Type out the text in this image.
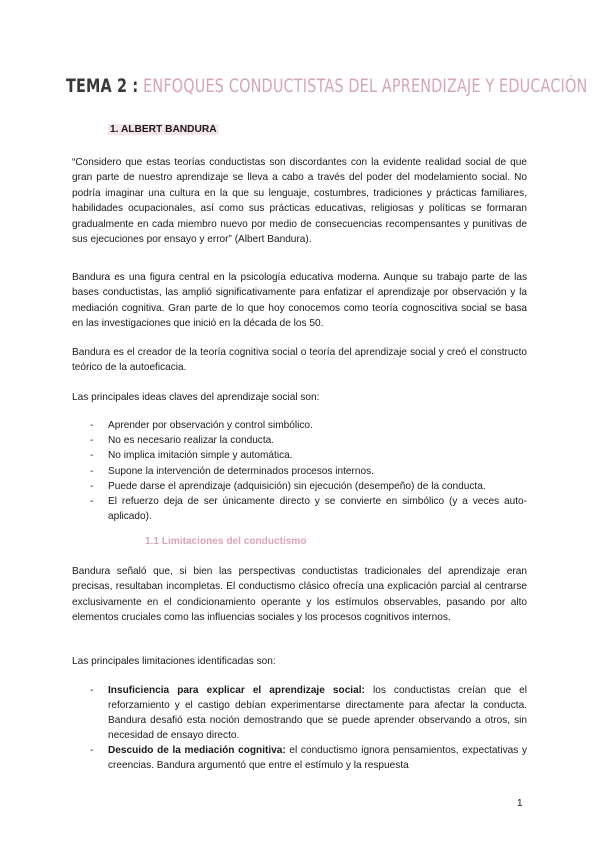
TEMA 2 : ENFOQUES CONDUCTISTAS DEL APRENDIZAJE Y EDUCACIÓN
1. ALBERT BANDURA

“Considero que estas teorías conductistas son discordantes con la evidente realidad social de que gran parte de nuestro aprendizaje se lleva a cabo a través del poder del modelamiento social. No podría imaginar una cultura en la que su lenguaje, costumbres, tradiciones y prácticas familiares, habilidades ocupacionales, así como sus prácticas educativas, religiosas y políticas se formaran gradualmente en cada miembro nuevo por medio de consecuencias recompensantes y punitivas de sus ejecuciones por ensayo y error” (Albert Bandura).

Bandura es una figura central en la psicología educativa moderna. Aunque su trabajo parte de las bases conductistas, las amplió significativamente para enfatizar el aprendizaje por observación y la mediación cognitiva. Gran parte de lo que hoy conocemos como teoría cognoscitiva social se basa en las investigaciones que inició en la década de los 50.

Bandura es el creador de la teoría cognitiva social o teoría del aprendizaje social y creó el constructo teórico de la autoeficacia.

Las principales ideas claves del aprendizaje social son:

- Aprender por observación y control simbólico.
- No es necesario realizar la conducta.
- No implica imitación simple y automática.
- Supone la intervención de determinados procesos internos.
- Puede darse el aprendizaje (adquisición) sin ejecución (desempeño) de la conducta.
- El refuerzo deja de ser únicamente directo y se convierte en simbólico (y a veces auto-aplicado).
1.1 Limitaciones del conductismo

Bandura señaló que, si bien las perspectivas conductistas tradicionales del aprendizaje eran precisas, resultaban incompletas. El conductismo clásico ofrecía una explicación parcial al centrarse exclusivamente en el condicionamiento operante y los estímulos observables, pasando por alto elementos cruciales como las influencias sociales y los procesos cognitivos internos.

Las principales limitaciones identificadas son:

- Insuficiencia para explicar el aprendizaje social: los conductistas creían que el reforzamiento y el castigo debían experimentarse directamente para afectar la conducta. Bandura desafió esta noción demostrando que se puede aprender observando a otros, sin necesidad de ensayo directo.
- Descuido de la mediación cognitiva: el conductismo ignora pensamientos, expectativas y creencias. Bandura argumentó que entre el estímulo y la respuesta
1
